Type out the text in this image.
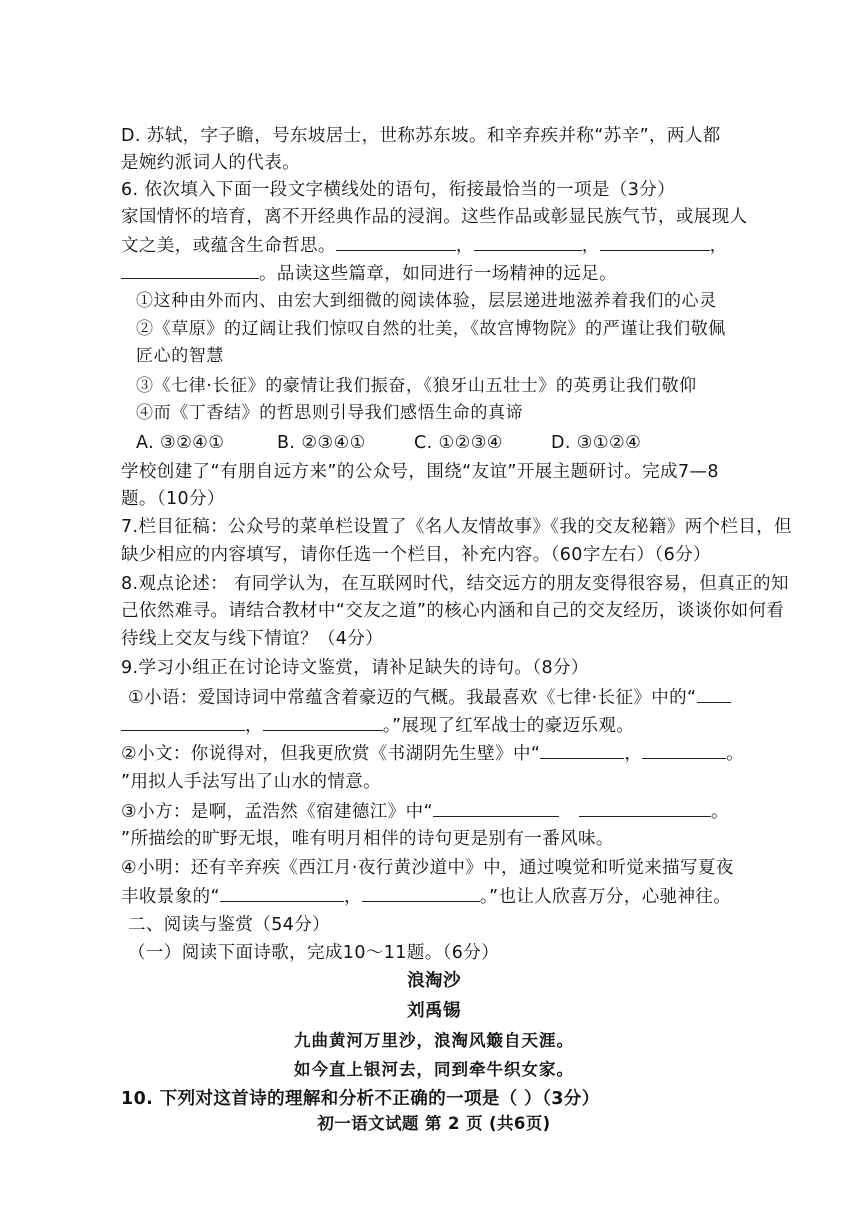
D. 苏轼，字子瞻，号东坡居士，世称苏东坡。和辛弃疾并称“苏辛”，两人都
是婉约派词人的代表。
6. 依次填入下面一段文字横线处的语句，衔接最恰当的一项是（3分）
家国情怀的培育，离不开经典作品的浸润。这些作品或彰显民族气节，或展现人
文之美，或蕴含生命哲思。	，	，	，
。品读这些篇章，如同进行一场精神的远足。
①这种由外而内、由宏大到细微的阅读体验，层层递进地滋养着我们的心灵
②《草原》的辽阔让我们惊叹自然的壮美，《故宫博物院》的严谨让我们敬佩
匠心的智慧
③《七律·长征》的豪情让我们振奋，《狼牙山五壮士》的英勇让我们敬仰
④而《丁香结》的哲思则引导我们感悟生命的真谛
A. ③②④①	B. ②③④①	C. ①②③④	D. ③①②④
学校创建了“有朋自远方来”的公众号，围绕“友谊”开展主题研讨。完成7—8
题。（10分）
7.栏目征稿：公众号的菜单栏设置了《名人友情故事》《我的交友秘籍》两个栏目，但
缺少相应的内容填写，请你任选一个栏目，补充内容。（60字左右）（6分）
8.观点论述： 有同学认为，在互联网时代，结交远方的朋友变得很容易，但真正的知
己依然难寻。请结合教材中“交友之道”的核心内涵和自己的交友经历，谈谈你如何看
待线上交友与线下情谊？（4分）
9.学习小组正在讨论诗文鉴赏，请补足缺失的诗句。（8分）
①小语：爱国诗词中常蕴含着豪迈的气概。我最喜欢《七律·长征》中的“
，	。”展现了红军战士的豪迈乐观。
②小文：你说得对，但我更欣赏《书湖阴先生壁》中“	，	。
”用拟人手法写出了山水的情意。
③小方：是啊，孟浩然《宿建德江》中“	。
”所描绘的旷野无垠，唯有明月相伴的诗句更是别有一番风味。
④小明：还有辛弃疾《西江月·夜行黄沙道中》中，通过嗅觉和听觉来描写夏夜
丰收景象的“	，	。”也让人欣喜万分，心驰神往。
二、阅读与鉴赏（54分）
（一）阅读下面诗歌，完成10～11题。（6分）
浪淘沙
刘禹锡
九曲黄河万里沙，浪淘风簸自天涯。
如今直上银河去，同到牵牛织女家。
10. 下列对这首诗的理解和分析不正确的一项是（ ）（3分）
初一语文试题 第 2 页 (共6页)
